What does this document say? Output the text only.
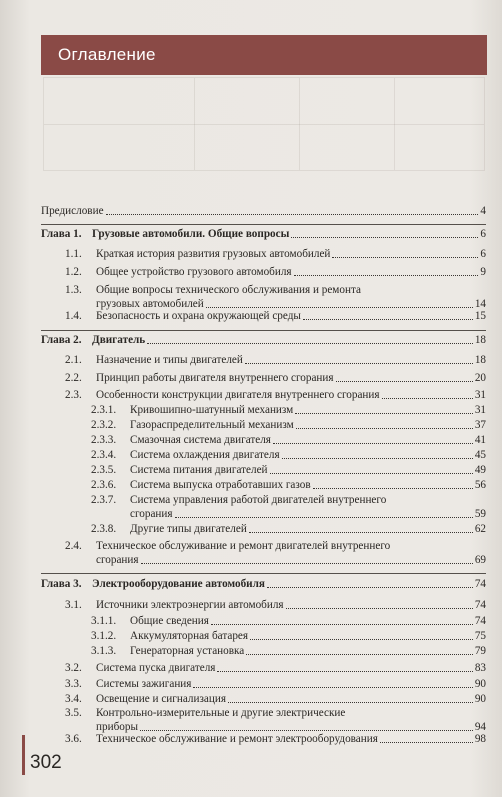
Оглавление
Предисловие	4
Глава 1. Грузовые автомобили. Общие вопросы	6
1.1.	Краткая история развития грузовых автомобилей	6
1.2.	Общее устройство грузового автомобиля	9
1.3.	Общие вопросы технического обслуживания и ремонта
грузовых автомобилей	14
1.4.	Безопасность и охрана окружающей среды	15
Глава 2. Двигатель	18
2.1.	Назначение и типы двигателей	18
2.2.	Принцип работы двигателя внутреннего сгорания	20
2.3.	Особенности конструкции двигателя внутреннего сгорания	31
2.3.1.	Кривошипно-шатунный механизм	31
2.3.2.	Газораспределительный механизм	37
2.3.3.	Смазочная система двигателя	41
2.3.4.	Система охлаждения двигателя	45
2.3.5.	Система питания двигателей	49
2.3.6.	Система выпуска отработавших газов	56
2.3.7.	Система управления работой двигателей внутреннего
сгорания	59
2.3.8.	Другие типы двигателей	62
2.4.	Техническое обслуживание и ремонт двигателей внутреннего
сгорания	69
Глава 3. Электрооборудование автомобиля	74
3.1.	Источники электроэнергии автомобиля	74
3.1.1.	Общие сведения	74
3.1.2.	Аккумуляторная батарея	75
3.1.3.	Генераторная установка	79
3.2.	Система пуска двигателя	83
3.3.	Системы зажигания	90
3.4.	Освещение и сигнализация	90
3.5.	Контрольно-измерительные и другие электрические
приборы	94
3.6.	Техническое обслуживание и ремонт электрооборудования	98
302
